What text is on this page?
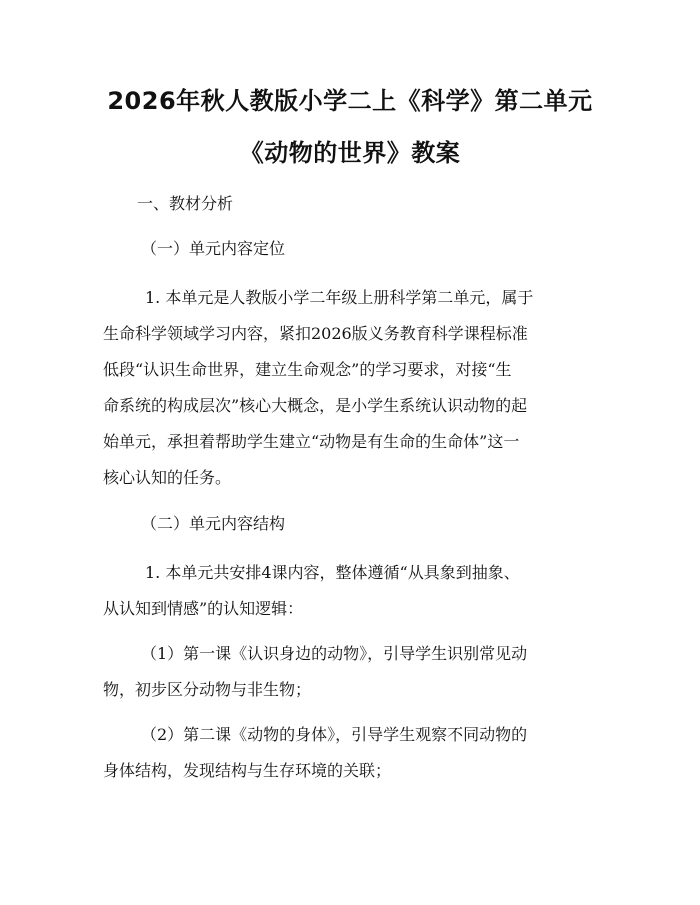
2026年秋人教版小学二上《科学》第二单元
《动物的世界》教案
一、教材分析
（一）单元内容定位
1. 本单元是人教版小学二年级上册科学第二单元，属于
生命科学领域学习内容，紧扣2026版义务教育科学课程标准
低段“认识生命世界，建立生命观念”的学习要求，对接“生
命系统的构成层次”核心大概念，是小学生系统认识动物的起
始单元，承担着帮助学生建立“动物是有生命的生命体”这一
核心认知的任务。
（二）单元内容结构
1. 本单元共安排4课内容，整体遵循“从具象到抽象、
从认知到情感”的认知逻辑：
（1）第一课《认识身边的动物》，引导学生识别常见动
物，初步区分动物与非生物；
（2）第二课《动物的身体》，引导学生观察不同动物的
身体结构，发现结构与生存环境的关联；
